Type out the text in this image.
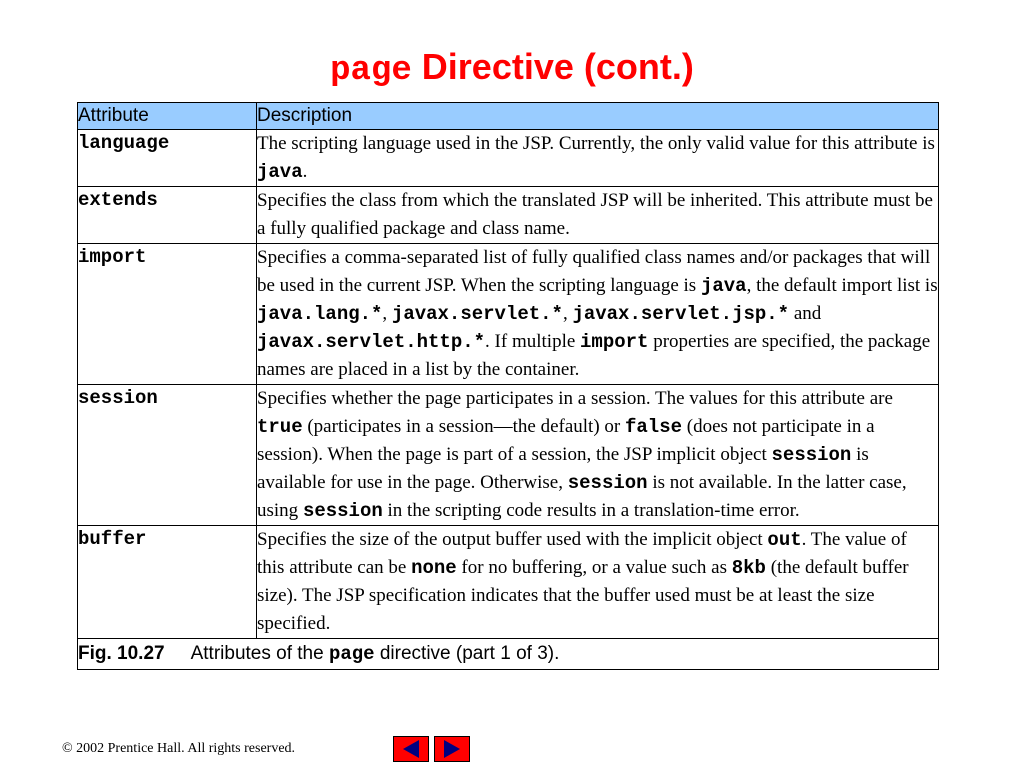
page Directive (cont.)
Attribute	Description
language	The scripting language used in the JSP. Currently, the only valid value for this attribute is java.
extends	Specifies the class from which the translated JSP will be inherited. This attribute must be a fully qualified package and class name.
import	Specifies a comma-separated list of fully qualified class names and/or packages that will be used in the current JSP. When the scripting language is java, the default import list is java.lang.*, javax.servlet.*, javax.servlet.jsp.* and javax.servlet.http.*. If multiple import properties are specified, the package names are placed in a list by the container.
session	Specifies whether the page participates in a session. The values for this attribute are true (participates in a session—the default) or false (does not participate in a session). When the page is part of a session, the JSP implicit object session is available for use in the page. Otherwise, session is not available. In the latter case, using session in the scripting code results in a translation-time error.
buffer	Specifies the size of the output buffer used with the implicit object out. The value of this attribute can be none for no buffering, or a value such as 8kb (the default buffer size). The JSP specification indicates that the buffer used must be at least the size specified.
Fig. 10.27 Attributes of the page directive (part 1 of 3).	
© 2002 Prentice Hall. All rights reserved.
